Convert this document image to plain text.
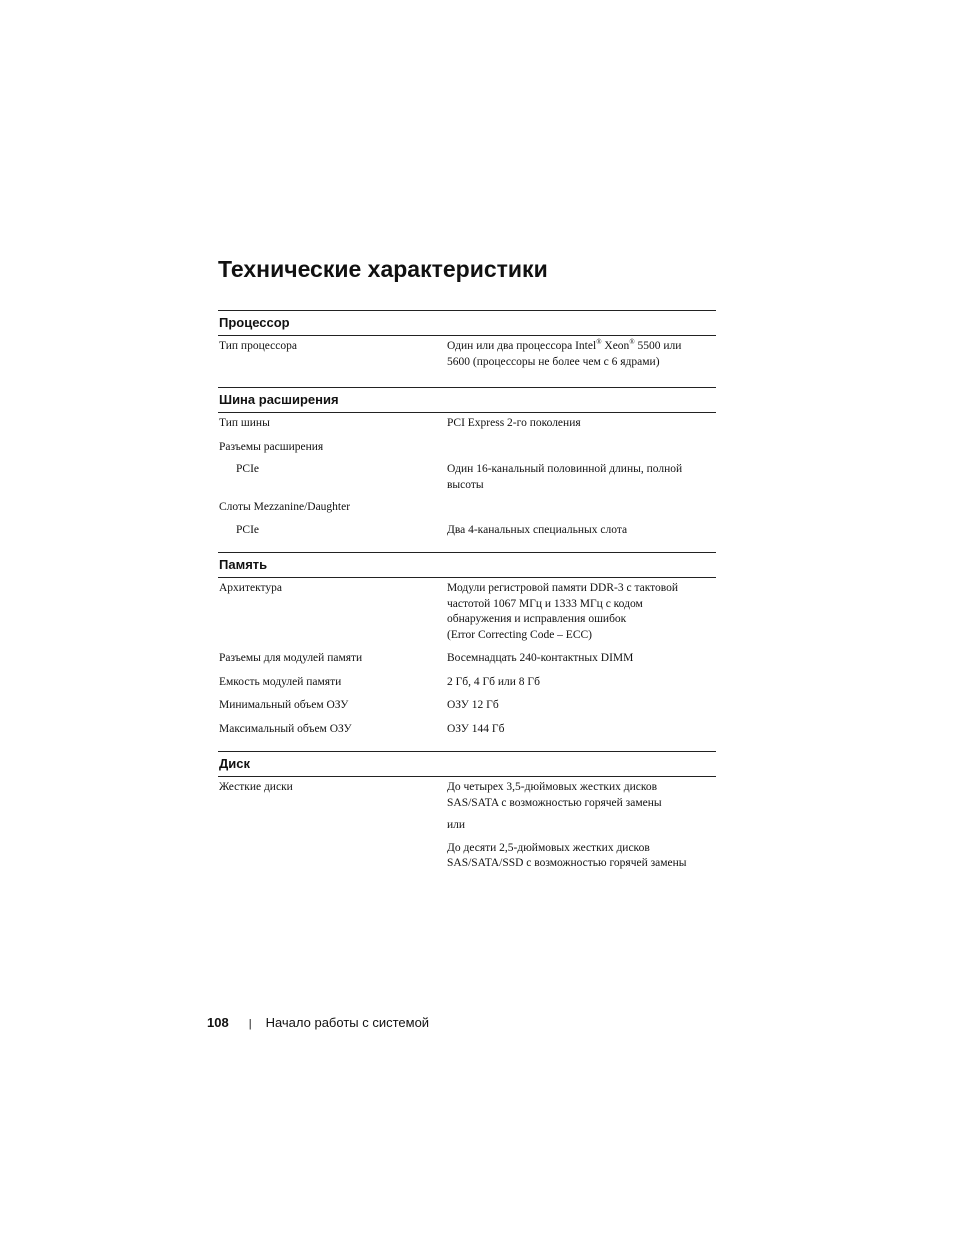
Технические характеристики
Процессор
Тип процессора	Один или два процессора Intel® Xeon® 5500 или 5600 (процессоры не более чем с 6 ядрами)
Шина расширения
Тип шины	PCI Express 2-го поколения
Разъемы расширения
PCIe	Один 16-канальный половинной длины, полной высоты
Слоты Mezzanine/Daughter
PCIe	Два 4-канальных специальных слота
Память
Архитектура	Модули регистровой памяти DDR-3 с тактовой частотой 1067 МГц и 1333 МГц с кодом обнаружения и исправления ошибок
(Error Correcting Code – ECC)
Разъемы для модулей памяти	Восемнадцать 240-контактных DIMM
Емкость модулей памяти	2 Гб, 4 Гб или 8 Гб
Минимальный объем ОЗУ	ОЗУ 12 Гб
Максимальный объем ОЗУ	ОЗУ 144 Гб
Диск
Жесткие диски	До четырех 3,5-дюймовых жестких дисков SAS/SATA с возможностью горячей замены

или

До десяти 2,5-дюймовых жестких дисков SAS/SATA/SSD с возможностью горячей замены

108 | Начало работы с системой
